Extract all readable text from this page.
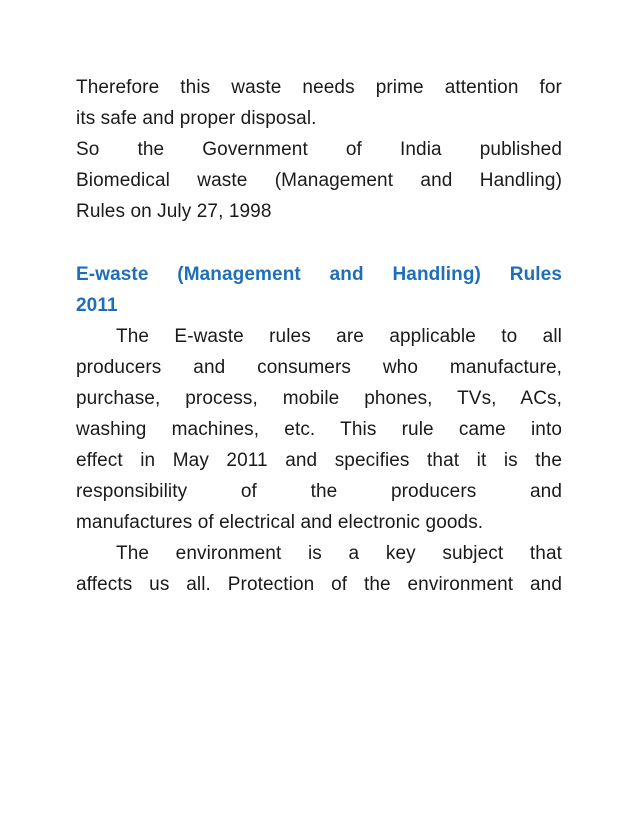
Therefore this waste needs prime attention for
its safe and proper disposal.
So the Government of India published
Biomedical waste (Management and Handling)
Rules on July 27, 1998
E-waste (Management and Handling) Rules
2011
The E-waste rules are applicable to all
producers and consumers who manufacture,
purchase, process, mobile phones, TVs, ACs,
washing machines, etc. This rule came into
effect in May 2011 and specifies that it is the
responsibility of the producers and
manufactures of electrical and electronic goods.
The environment is a key subject that
affects us all. Protection of the environment and
